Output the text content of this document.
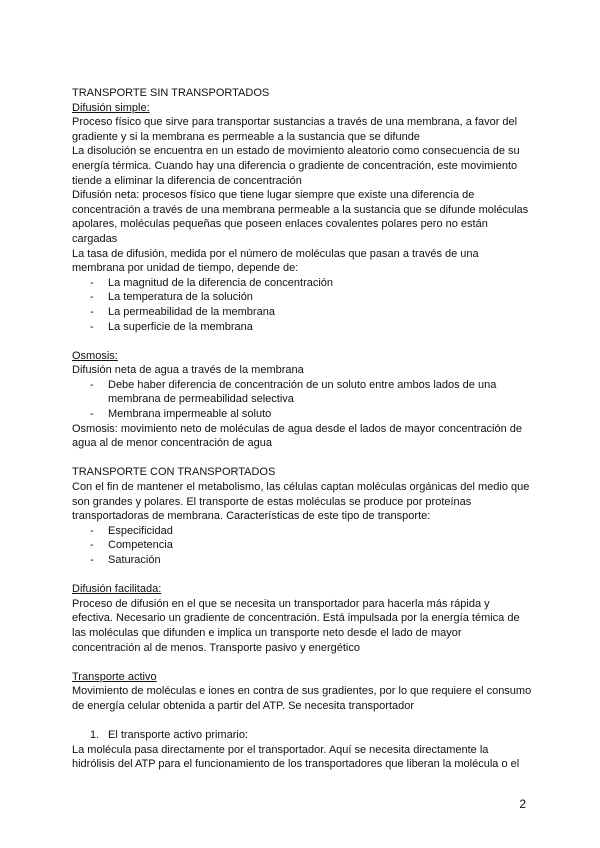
TRANSPORTE SIN TRANSPORTADOS

Difusión simple:

Proceso físico que sirve para transportar sustancias a través de una membrana, a favor del gradiente y si la membrana es permeable a la sustancia que se difunde

La disolución se encuentra en un estado de movimiento aleatorio como consecuencia de su energía térmica. Cuando hay una diferencia o gradiente de concentración, este movimiento tiende a eliminar la diferencia de concentración

Difusión neta: procesos físico que tiene lugar siempre que existe una diferencia de concentración a través de una membrana permeable a la sustancia que se difunde moléculas apolares, moléculas pequeñas que poseen enlaces covalentes polares pero no están cargadas

La tasa de difusión, medida por el número de moléculas que pasan a través de una membrana por unidad de tiempo, depende de:

- La magnitud de la diferencia de concentración
- La temperatura de la solución
- La permeabilidad de la membrana
- La superficie de la membrana

Osmosis:

Difusión neta de agua a través de la membrana

- Debe haber diferencia de concentración de un soluto entre ambos lados de una membrana de permeabilidad selectiva
- Membrana impermeable al soluto

Osmosis: movimiento neto de moléculas de agua desde el lados de mayor concentración de agua al de menor concentración de agua

TRANSPORTE CON TRANSPORTADOS

Con el fin de mantener el metabolismo, las células captan moléculas orgánicas del medio que son grandes y polares. El transporte de estas moléculas se produce por proteínas transportadoras de membrana. Características de este tipo de transporte:

- Especificidad
- Competencia
- Saturación

Difusión facilitada:

Proceso de difusión en el que se necesita un transportador para hacerla más rápida y efectiva. Necesario un gradiente de concentración. Está impulsada por la energía témica de las moléculas que difunden e implica un transporte neto desde el lado de mayor concentración al de menos. Transporte pasivo y energético

Transporte activo

Movimiento de moléculas e iones en contra de sus gradientes, por lo que requiere el consumo de energía celular obtenida a partir del ATP. Se necesita transportador

1. El transporte activo primario:

La molécula pasa directamente por el transportador. Aquí se necesita directamente la hidrólisis del ATP para el funcionamiento de los transportadores que liberan la molécula o el

2
